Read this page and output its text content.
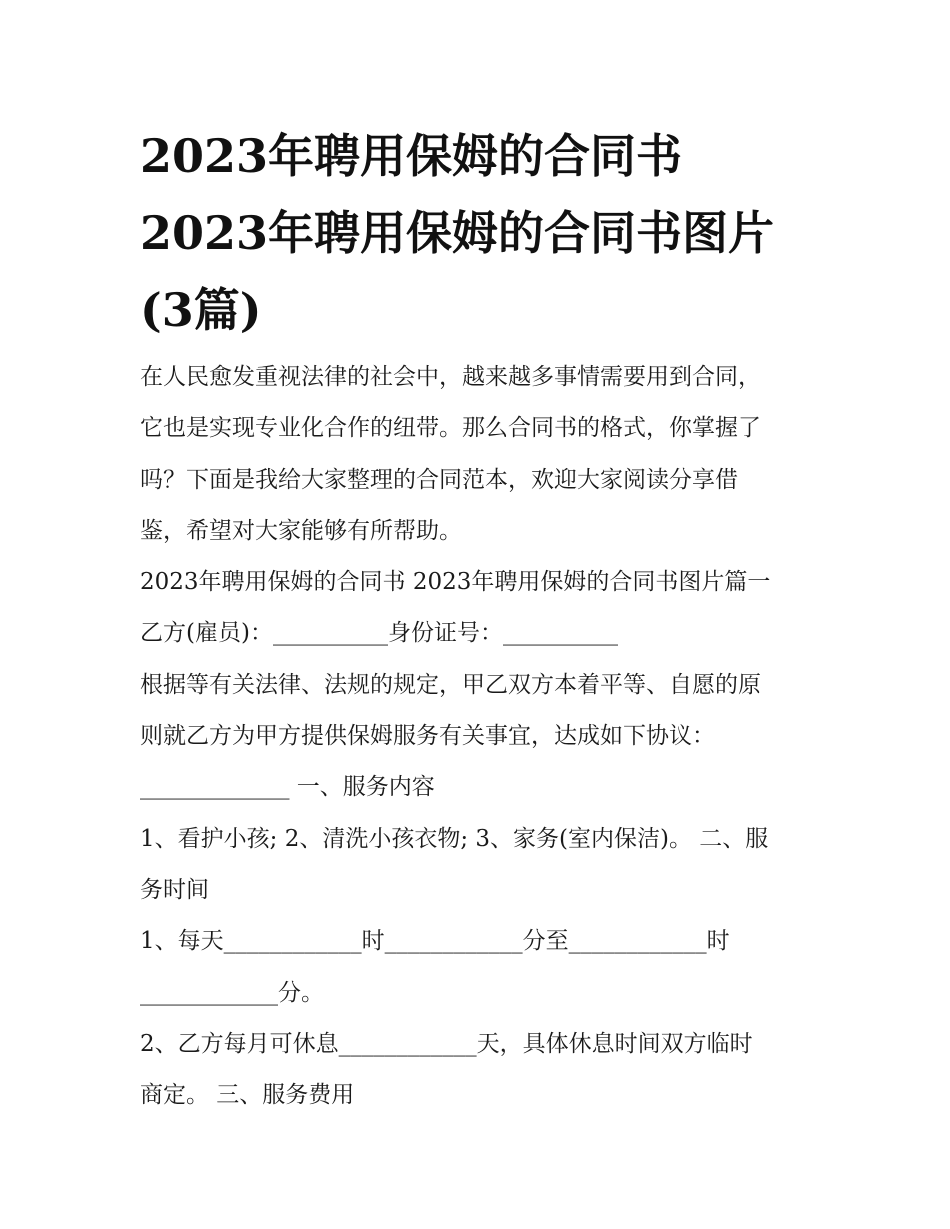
2023年聘用保姆的合同书
2023年聘用保姆的合同书图片
(3篇)
在人民愈发重视法律的社会中，越来越多事情需要用到合同，
它也是实现专业化合作的纽带。那么合同书的格式，你掌握了
吗？下面是我给大家整理的合同范本，欢迎大家阅读分享借
鉴，希望对大家能够有所帮助。
2023年聘用保姆的合同书 2023年聘用保姆的合同书图片篇一
乙方(雇员)：__________身份证号：__________
根据等有关法律、法规的规定，甲乙双方本着平等、自愿的原
则就乙方为甲方提供保姆服务有关事宜，达成如下协议：
_____________ 一、服务内容
1、看护小孩; 2、清洗小孩衣物; 3、家务(室内保洁)。 二、服
务时间
1、每天____________时____________分至____________时
____________分。
2、乙方每月可休息____________天，具体休息时间双方临时
商定。 三、服务费用
